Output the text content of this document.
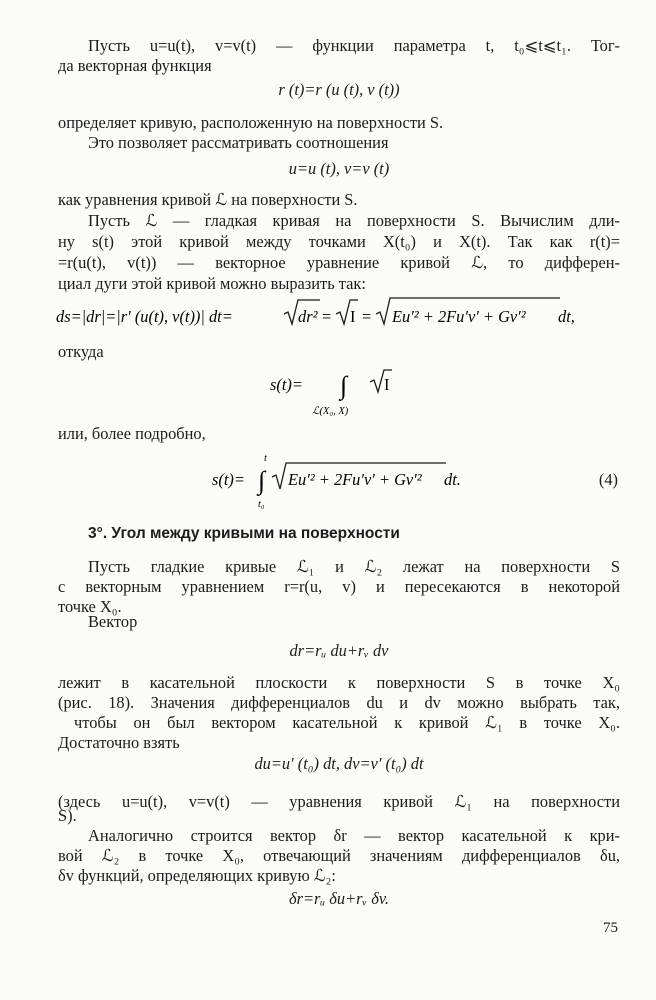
Пусть u=u(t), v=v(t) — функции параметра t, t₀⩽t⩽t₁. Тог-
да векторная функция
r (t)=r (u (t), v (t))
определяет кривую, расположенную на поверхности S.
Это позволяет рассматривать соотношения
u=u (t), v=v (t)
как уравнения кривой ℒ на поверхности S.
Пусть ℒ — гладкая кривая на поверхности S. Вычислим дли-
ну s(t) этой кривой между точками X(t₀) и X(t). Так как r(t)=
=r(u(t), v(t)) — векторное уравнение кривой ℒ, то дифферен-
циал дуги этой кривой можно выразить так:
ds=|dr|=|r′ (u(t), v(t))| dt=	dr² = I = Eu′² + 2Fu′v′ + Gv′² dt,
откуда
s(t)= ∫
ℒ(X₀, X)
I
или, более подробно,
s(t)= ∫
t
t₀
Eu′² + 2Fu′v′ + Gv′² dt.	(4)
3°. Угол между кривыми на поверхности
Пусть гладкие кривые ℒ₁ и ℒ₂ лежат на поверхности S
с векторным уравнением r=r(u, v) и пересекаются в некоторой
точке X₀.
Вектор
dr=rᵤ du+rᵥ dv
лежит в касательной плоскости к поверхности S в точке X₀
(рис. 18). Значения дифференциалов du и dv можно выбрать так,
чтобы он был вектором касательной к кривой ℒ₁ в точке X₀.
Достаточно взять
du=u′ (t₀) dt, dv=v′ (t₀) dt
(здесь u=u(t), v=v(t) — уравнения кривой ℒ₁ на поверхности
S).
Аналогично строится вектор δr — вектор касательной к кри-
вой ℒ₂ в точке X₀, отвечающий значениям дифференциалов δu,
δv функций, определяющих кривую ℒ₂:
δr=rᵤ δu+rᵥ δv.
75
